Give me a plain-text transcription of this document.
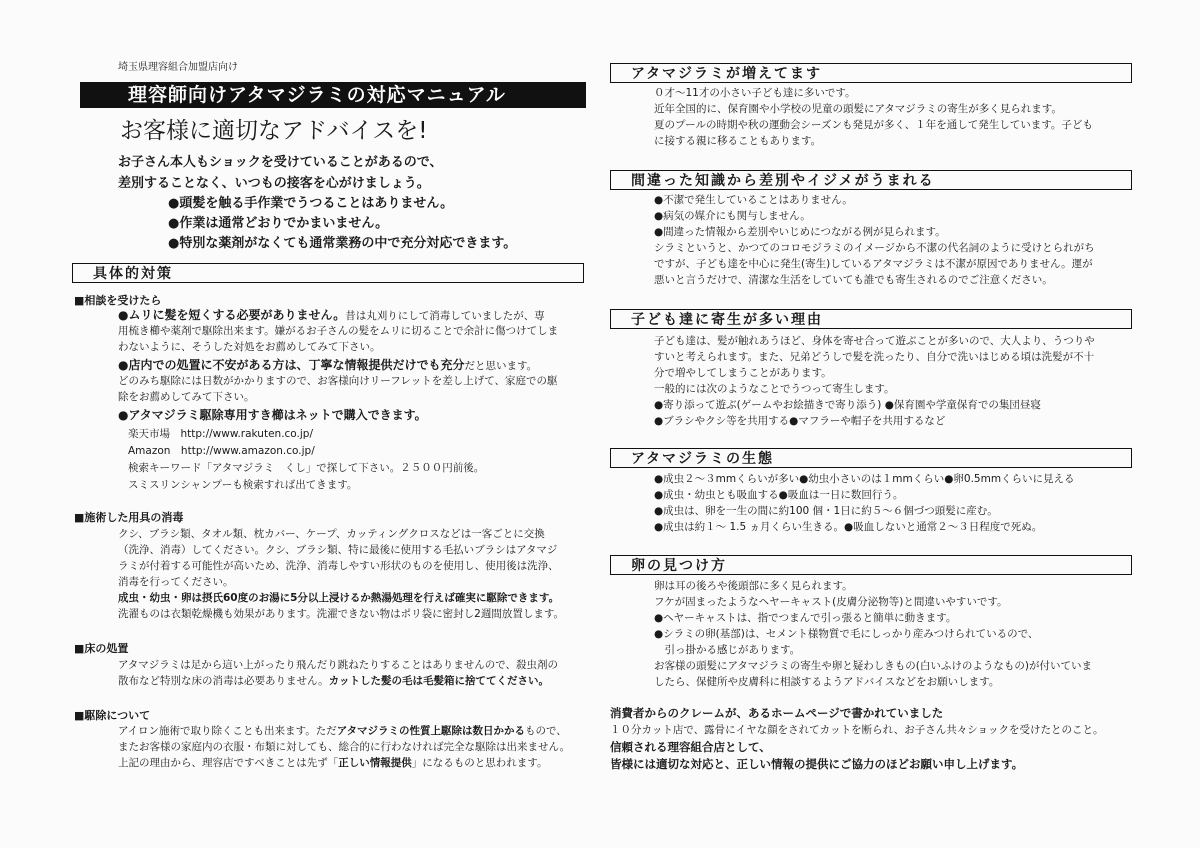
埼玉県理容組合加盟店向け
理容師向けアタマジラミの対応マニュアル
お客様に適切なアドバイスを!
お子さん本人もショックを受けていることがあるので、
差別することなく、いつもの接客を心がけましょう。
●頭髪を触る手作業でうつることはありません。
●作業は通常どおりでかまいません。
●特別な薬剤がなくても通常業務の中で充分対応できます。
具体的対策
■相談を受けたら
●ムリに髪を短くする必要がありません。昔は丸刈りにして消毒していましたが、専
用梳き櫛や薬剤で駆除出来ます。嫌がるお子さんの髪をムリに切ることで余計に傷つけてしま
わないように、そうした対処をお薦めしてみて下さい。
●店内での処置に不安がある方は、丁寧な情報提供だけでも充分だと思います。
どのみち駆除には日数がかかりますので、お客様向けリーフレットを差し上げて、家庭での駆
除をお薦めしてみて下さい。
●アタマジラミ駆除専用すき櫛はネットで購入できます。
楽天市場　http://www.rakuten.co.jp/
Amazon　http://www.amazon.co.jp/
検索キーワード「アタマジラミ　くし」で探して下さい。２５００円前後。
スミスリンシャンプーも検索すれば出てきます。
■施術した用具の消毒
クシ、ブラシ類、タオル類、枕カバー、ケープ、カッティングクロスなどは一客ごとに交換
（洗浄、消毒）してください。クシ、ブラシ類、特に最後に使用する毛払いブラシはアタマジ
ラミが付着する可能性が高いため、洗浄、消毒しやすい形状のものを使用し、使用後は洗浄、
消毒を行ってください。
成虫・幼虫・卵は摂氏60度のお湯に5分以上浸けるか熱湯処理を行えば確実に駆除できます。
洗濯ものは衣類乾燥機も効果があります。洗濯できない物はポリ袋に密封し2週間放置します。
■床の処置
アタマジラミは足から這い上がったり飛んだり跳ねたりすることはありませんので、殺虫剤の
散布など特別な床の消毒は必要ありません。カットした髪の毛は毛髪箱に捨ててください。
■駆除について
アイロン施術で取り除くことも出来ます。ただアタマジラミの性質上駆除は数日かかるもので、
またお客様の家庭内の衣服・布類に対しても、総合的に行わなければ完全な駆除は出来ません。
上記の理由から、理容店ですべきことは先ず「正しい情報提供」になるものと思われます。
アタマジラミが増えてます
０才～11才の小さい子ども達に多いです。
近年全国的に、保育園や小学校の児童の頭髪にアタマジラミの寄生が多く見られます。
夏のプールの時期や秋の運動会シーズンも発見が多く、１年を通して発生しています。子ども
に接する親に移ることもあります。
間違った知識から差別やイジメがうまれる
●不潔で発生していることはありません。
●病気の媒介にも関与しません。
●間違った情報から差別やいじめにつながる例が見られます。
シラミというと、かつてのコロモジラミのイメージから不潔の代名詞のように受けとられがち
ですが、子ども達を中心に発生(寄生)しているアタマジラミは不潔が原因でありません。運が
悪いと言うだけで、清潔な生活をしていても誰でも寄生されるのでご注意ください。
子ども達に寄生が多い理由
子ども達は、髪が触れあうほど、身体を寄せ合って遊ぶことが多いので、大人より、うつりや
すいと考えられます。また、兄弟どうしで髪を洗ったり、自分で洗いはじめる頃は洗髪が不十
分で増やしてしまうことがあります。
一般的には次のようなことでうつって寄生します。
●寄り添って遊ぶ(ゲームやお絵描きで寄り添う) ●保育園や学童保育での集団昼寝
●ブラシやクシ等を共用する●マフラーや帽子を共用するなど
アタマジラミの生態
●成虫２～３mmくらいが多い●幼虫小さいのは１mmくらい●卵0.5mmくらいに見える
●成虫・幼虫とも吸血する●吸血は一日に数回行う。
●成虫は、卵を一生の間に約100 個・1日に約５～６個づつ頭髪に産む。
●成虫は約１～ 1.5 ヵ月くらい生きる。●吸血しないと通常２～３日程度で死ぬ。
卵の見つけ方
卵は耳の後ろや後頭部に多く見られます。
フケが固まったようなヘヤーキャスト(皮膚分泌物等)と間違いやすいです。
●ヘヤーキャストは、指でつまんで引っ張ると簡単に動きます。
●シラミの卵(基部)は、セメント様物質で毛にしっかり産みつけられているので、
　引っ掛かる感じがあります。
お客様の頭髪にアタマジラミの寄生や卵と疑わしきもの(白いふけのようなもの)が付いていま
したら、保健所や皮膚科に相談するようアドバイスなどをお願いします。
消費者からのクレームが、あるホームページで書かれていました
１０分カット店で、露骨にイヤな顔をされてカットを断られ、お子さん共々ショックを受けたとのこと。
信頼される理容組合店として、
皆様には適切な対応と、正しい情報の提供にご協力のほどお願い申し上げます。
